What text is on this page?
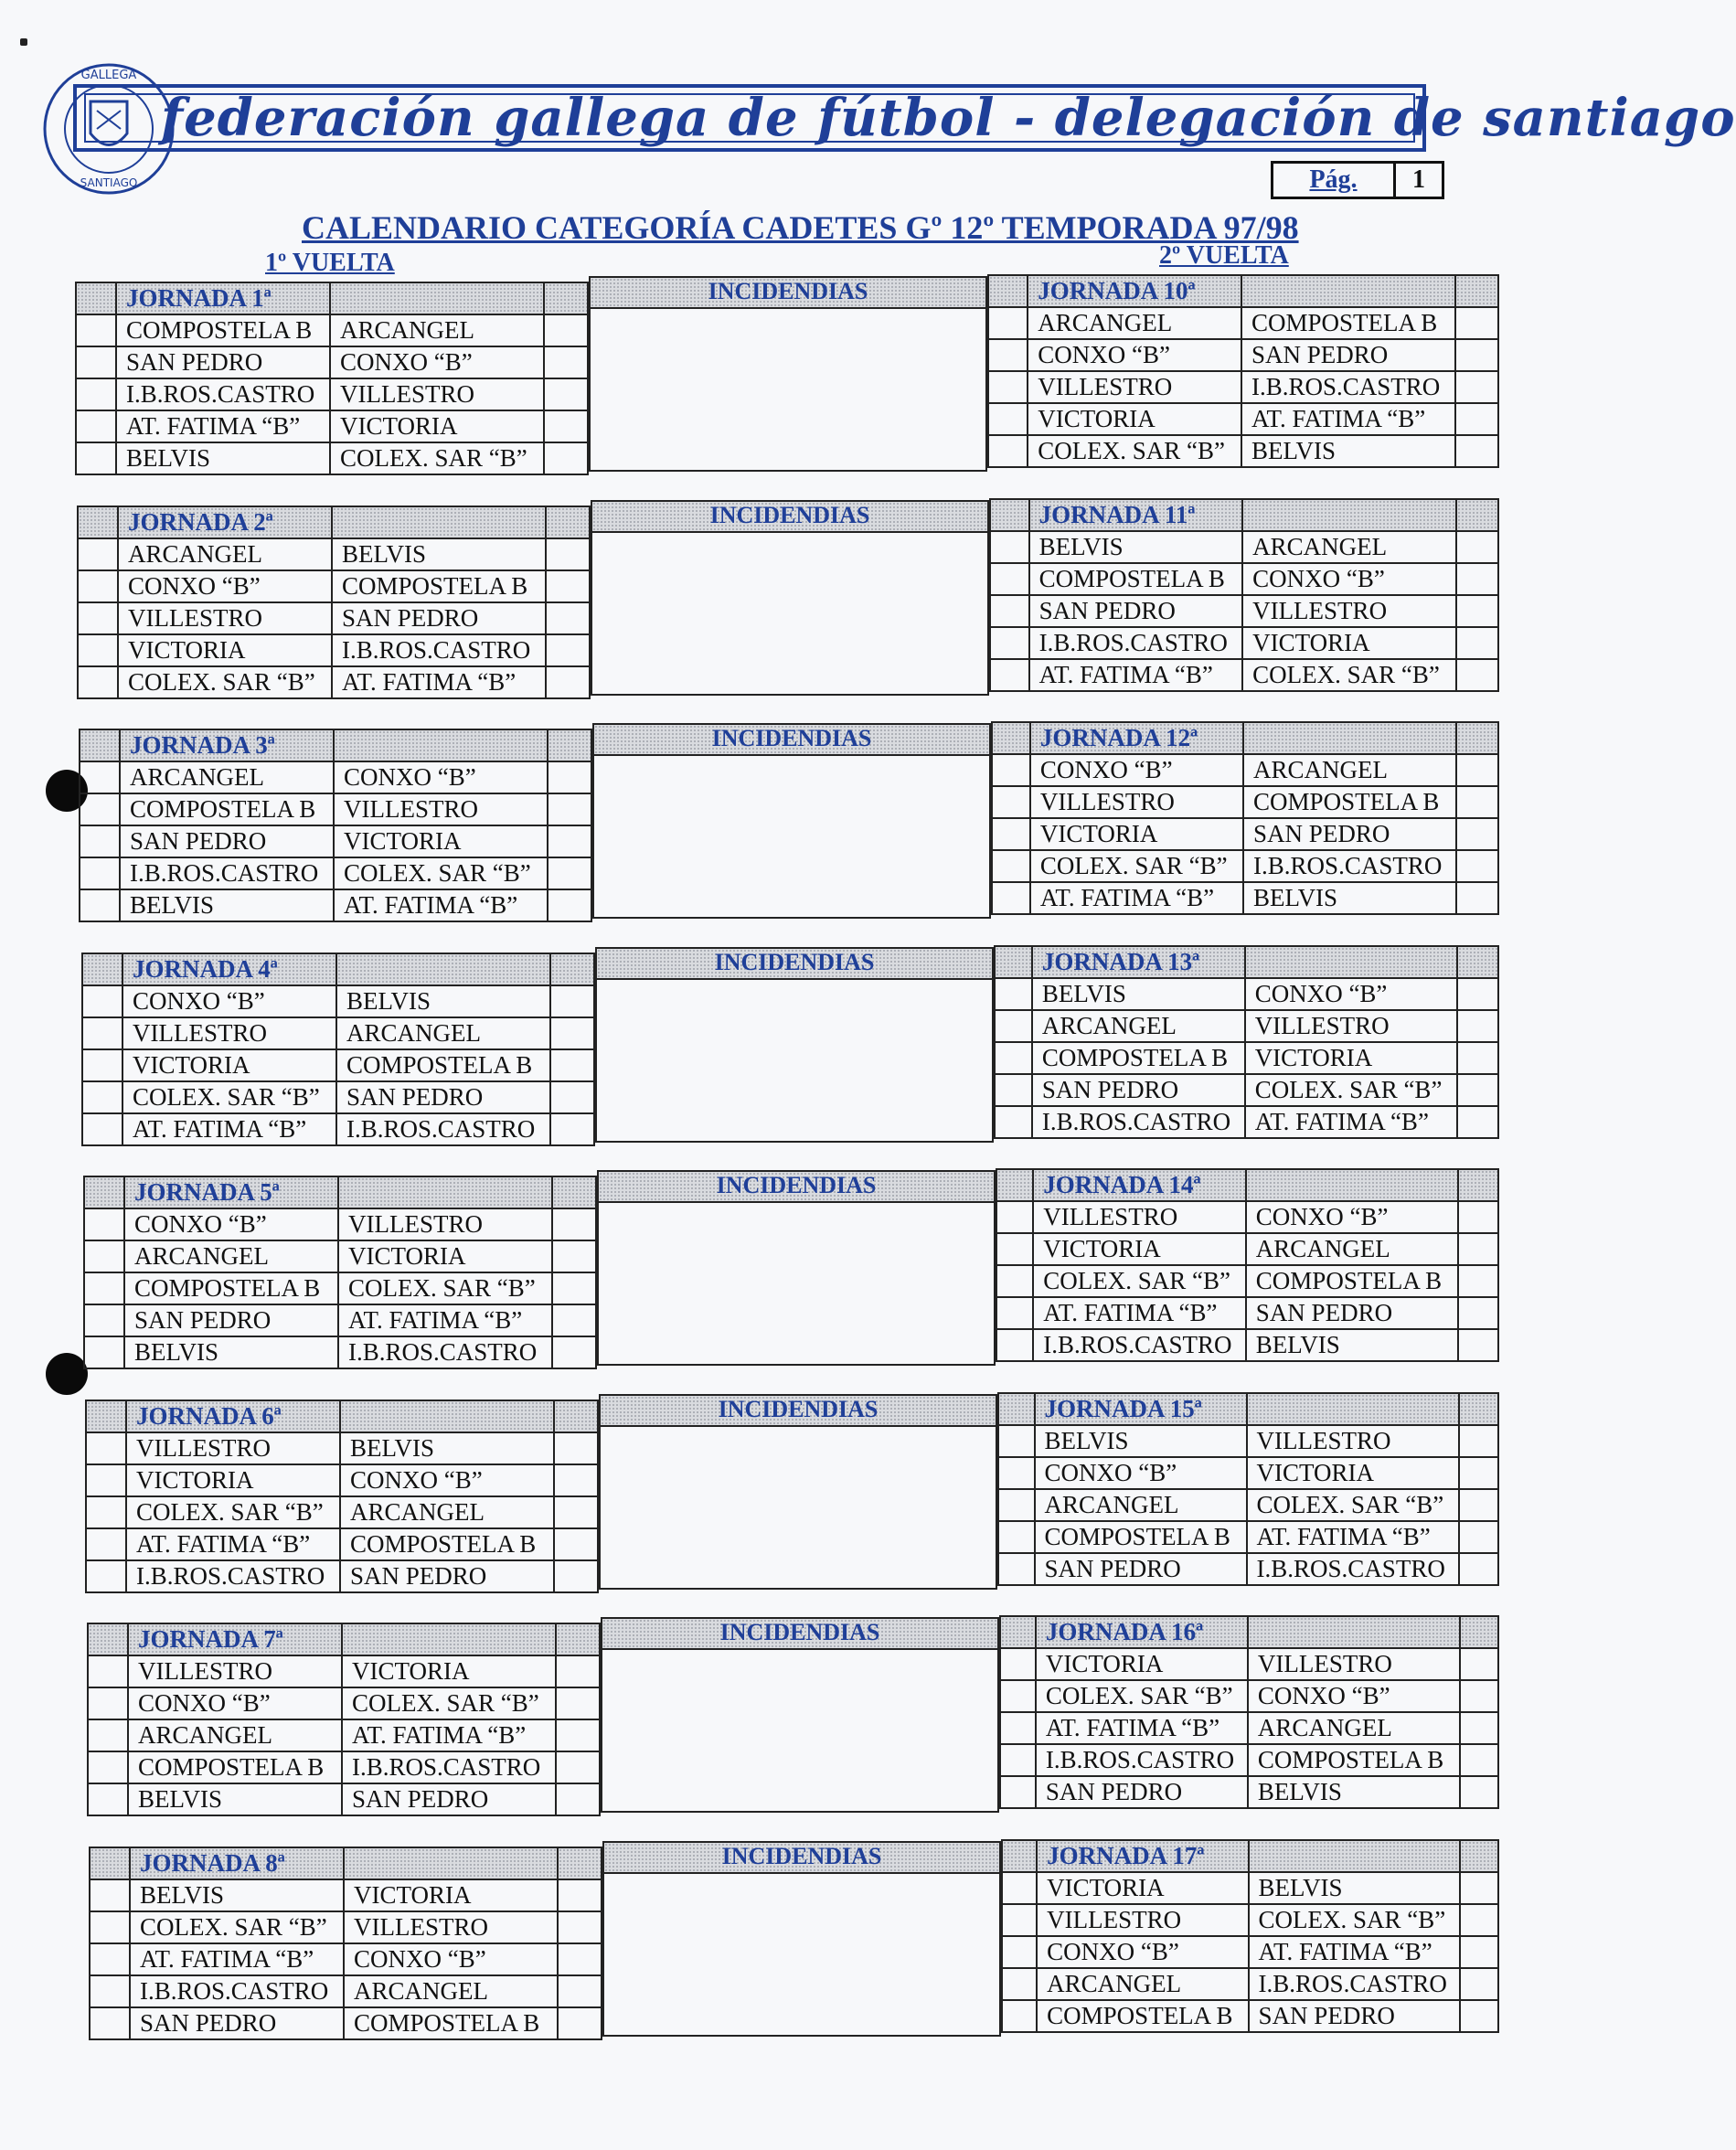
GALLEGA
SANTIAGO
federación gallega de fútbol - delegación de santiago
Pág.	1
CALENDARIO CATEGORÍA CADETES Gº 12º TEMPORADA 97/98
1º VUELTA	2º VUELTA
	JORNADA 1ª		
	COMPOSTELA B	ARCANGEL	
	SAN PEDRO	CONXO “B”	
	I.B.ROS.CASTRO	VILLESTRO	
	AT. FATIMA “B”	VICTORIA	
	BELVIS	COLEX. SAR “B”	
	JORNADA 10ª		
	ARCANGEL	COMPOSTELA B	
	CONXO “B”	SAN PEDRO	
	VILLESTRO	I.B.ROS.CASTRO	
	VICTORIA	AT. FATIMA “B”	
	COLEX. SAR “B”	BELVIS	
INCIDENDIAS
	JORNADA 2ª		
	ARCANGEL	BELVIS	
	CONXO “B”	COMPOSTELA B	
	VILLESTRO	SAN PEDRO	
	VICTORIA	I.B.ROS.CASTRO	
	COLEX. SAR “B”	AT. FATIMA “B”	
	JORNADA 11ª		
	BELVIS	ARCANGEL	
	COMPOSTELA B	CONXO “B”	
	SAN PEDRO	VILLESTRO	
	I.B.ROS.CASTRO	VICTORIA	
	AT. FATIMA “B”	COLEX. SAR “B”	
INCIDENDIAS
	JORNADA 3ª		
	ARCANGEL	CONXO “B”	
	COMPOSTELA B	VILLESTRO	
	SAN PEDRO	VICTORIA	
	I.B.ROS.CASTRO	COLEX. SAR “B”	
	BELVIS	AT. FATIMA “B”	
	JORNADA 12ª		
	CONXO “B”	ARCANGEL	
	VILLESTRO	COMPOSTELA B	
	VICTORIA	SAN PEDRO	
	COLEX. SAR “B”	I.B.ROS.CASTRO	
	AT. FATIMA “B”	BELVIS	
INCIDENDIAS
	JORNADA 4ª		
	CONXO “B”	BELVIS	
	VILLESTRO	ARCANGEL	
	VICTORIA	COMPOSTELA B	
	COLEX. SAR “B”	SAN PEDRO	
	AT. FATIMA “B”	I.B.ROS.CASTRO	
	JORNADA 13ª		
	BELVIS	CONXO “B”	
	ARCANGEL	VILLESTRO	
	COMPOSTELA B	VICTORIA	
	SAN PEDRO	COLEX. SAR “B”	
	I.B.ROS.CASTRO	AT. FATIMA “B”	
INCIDENDIAS
	JORNADA 5ª		
	CONXO “B”	VILLESTRO	
	ARCANGEL	VICTORIA	
	COMPOSTELA B	COLEX. SAR “B”	
	SAN PEDRO	AT. FATIMA “B”	
	BELVIS	I.B.ROS.CASTRO	
	JORNADA 14ª		
	VILLESTRO	CONXO “B”	
	VICTORIA	ARCANGEL	
	COLEX. SAR “B”	COMPOSTELA B	
	AT. FATIMA “B”	SAN PEDRO	
	I.B.ROS.CASTRO	BELVIS	
INCIDENDIAS
	JORNADA 6ª		
	VILLESTRO	BELVIS	
	VICTORIA	CONXO “B”	
	COLEX. SAR “B”	ARCANGEL	
	AT. FATIMA “B”	COMPOSTELA B	
	I.B.ROS.CASTRO	SAN PEDRO	
	JORNADA 15ª		
	BELVIS	VILLESTRO	
	CONXO “B”	VICTORIA	
	ARCANGEL	COLEX. SAR “B”	
	COMPOSTELA B	AT. FATIMA “B”	
	SAN PEDRO	I.B.ROS.CASTRO	
INCIDENDIAS
	JORNADA 7ª		
	VILLESTRO	VICTORIA	
	CONXO “B”	COLEX. SAR “B”	
	ARCANGEL	AT. FATIMA “B”	
	COMPOSTELA B	I.B.ROS.CASTRO	
	BELVIS	SAN PEDRO	
	JORNADA 16ª		
	VICTORIA	VILLESTRO	
	COLEX. SAR “B”	CONXO “B”	
	AT. FATIMA “B”	ARCANGEL	
	I.B.ROS.CASTRO	COMPOSTELA B	
	SAN PEDRO	BELVIS	
INCIDENDIAS
	JORNADA 8ª		
	BELVIS	VICTORIA	
	COLEX. SAR “B”	VILLESTRO	
	AT. FATIMA “B”	CONXO “B”	
	I.B.ROS.CASTRO	ARCANGEL	
	SAN PEDRO	COMPOSTELA B	
	JORNADA 17ª		
	VICTORIA	BELVIS	
	VILLESTRO	COLEX. SAR “B”	
	CONXO “B”	AT. FATIMA “B”	
	ARCANGEL	I.B.ROS.CASTRO	
	COMPOSTELA B	SAN PEDRO	
INCIDENDIAS
